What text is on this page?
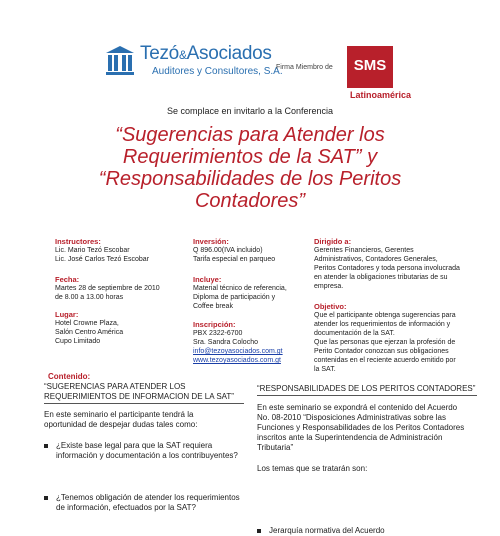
Tezó&Asociados
Auditores y Consultores, S.A.
Firma Miembro de	SMS
Latinoamérica
Se complace en invitarlo a la Conferencia
“Sugerencias para Atender los
Requerimientos de la SAT” y
“Responsabilidades de los Peritos
Contadores”
Instructores:
Lic. Mario Tezó Escobar
Lic. José Carlos Tezó Escobar
Fecha:
Martes 28 de septiembre de 2010
de 8.00 a 13.00 horas
Lugar:
Hotel Crowne Plaza,
Salón Centro América
Cupo Limitado
Inversión:
Q 896.00(IVA incluido)
Tarifa especial en parqueo
Incluye:
Material técnico de referencia,
Diploma de participación y
Coffee break
Inscripción:
PBX 2322-6700
Sra. Sandra Colocho
info@tezoyasociados.com.gt
www.tezoyasociados.com.gt
Dirigido a:
Gerentes Financieros, Gerentes
Administrativos, Contadores Generales,
Peritos Contadores y toda persona involucrada
en atender la obligaciones tributarias de su
empresa.
Objetivo:
Que el participante obtenga sugerencias para
atender los requerimientos de información y
documentación de la SAT.
Que las personas que ejerzan la profesión de
Perito Contador conozcan sus obligaciones
contenidas en el reciente acuerdo emitido por
la SAT.
Contenido:
“SUGERENCIAS PARA ATENDER LOS
REQUERIMIENTOS DE INFORMACION DE LA SAT”
En este seminario el participante tendrá la
oportunidad de despejar dudas tales como:
¿Existe base legal para que la SAT requiera
información y documentación a los contribuyentes?
¿Tenemos obligación de atender los requerimientos
de información, efectuados por la SAT?
“RESPONSABILIDADES DE LOS PERITOS CONTADORES”
En este seminario se expondrá el contenido del Acuerdo
No. 08-2010 “Disposiciones Administrativas sobre las
Funciones y Responsabilidades de los Peritos Contadores
inscritos ante la Superintendencia de Administración
Tributaria”
Los temas que se tratarán son:
Jerarquía normativa del Acuerdo
